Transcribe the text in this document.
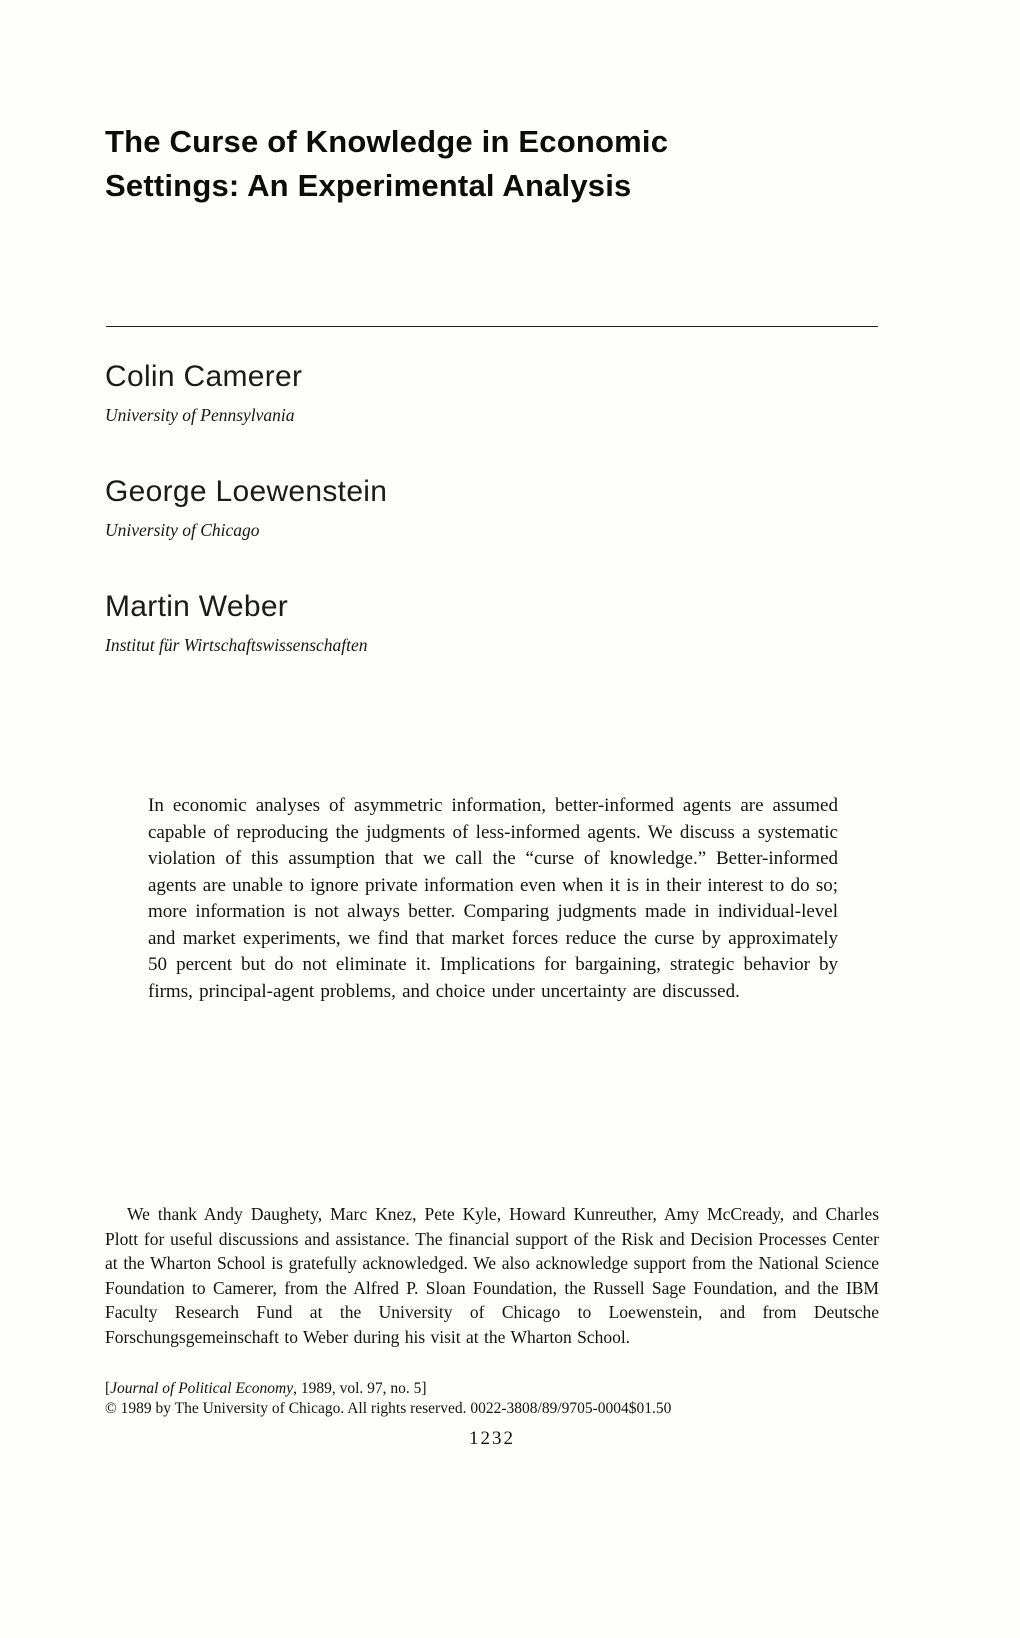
The Curse of Knowledge in Economic
Settings: An Experimental Analysis
Colin Camerer
University of Pennsylvania
George Loewenstein
University of Chicago
Martin Weber
Institut für Wirtschaftswissenschaften

In economic analyses of asymmetric information, better-informed agents are assumed capable of reproducing the judgments of less-informed agents. We discuss a systematic violation of this assumption that we call the “curse of knowledge.” Better-informed agents are unable to ignore private information even when it is in their interest to do so; more information is not always better. Comparing judgments made in individual-level and market experiments, we find that market forces reduce the curse by approximately 50 percent but do not eliminate it. Implications for bargaining, strategic behavior by firms, principal-agent problems, and choice under uncertainty are discussed.

We thank Andy Daughety, Marc Knez, Pete Kyle, Howard Kunreuther, Amy McCready, and Charles Plott for useful discussions and assistance. The financial support of the Risk and Decision Processes Center at the Wharton School is gratefully acknowledged. We also acknowledge support from the National Science Foundation to Camerer, from the Alfred P. Sloan Foundation, the Russell Sage Foundation, and the IBM Faculty Research Fund at the University of Chicago to Loewenstein, and from Deutsche Forschungsgemeinschaft to Weber during his visit at the Wharton School.

[Journal of Political Economy, 1989, vol. 97, no. 5]
© 1989 by The University of Chicago. All rights reserved. 0022-3808/89/9705-0004$01.50
1232
